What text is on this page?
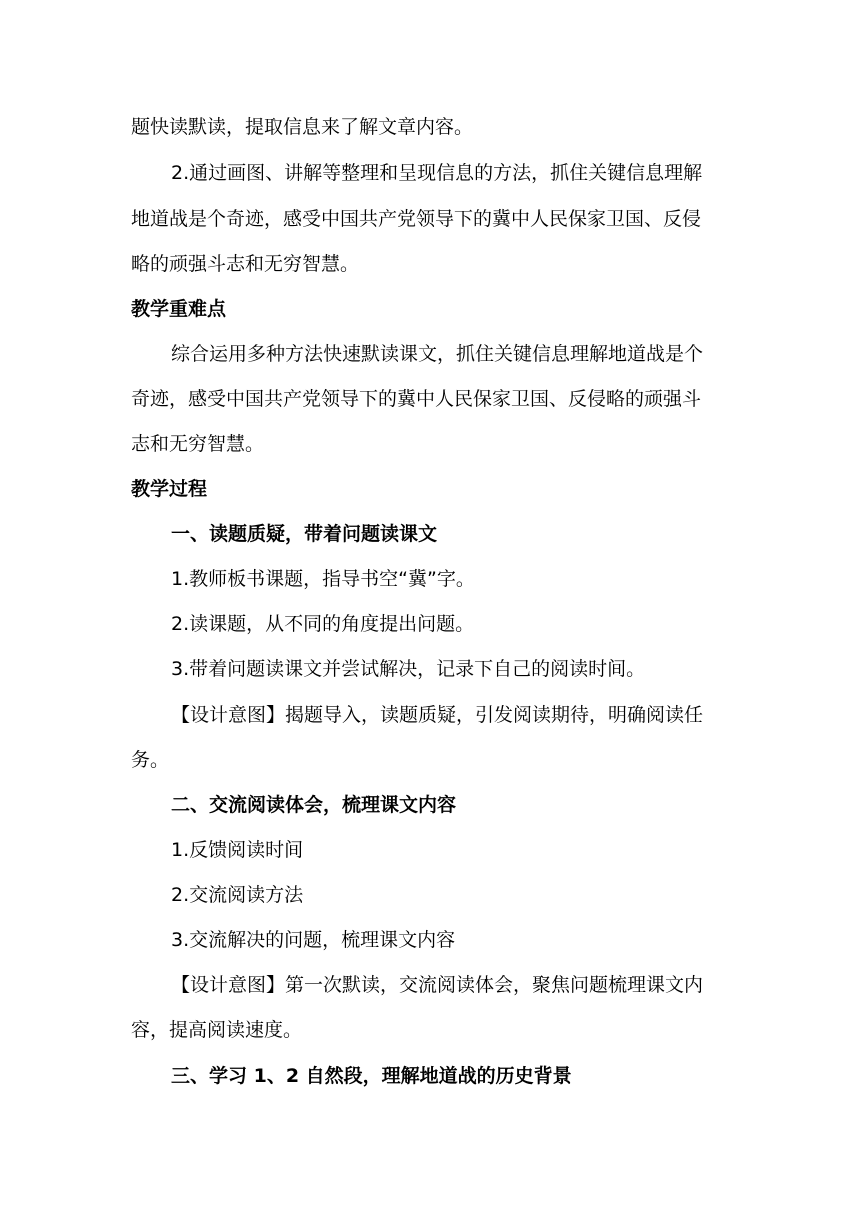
题快读默读，提取信息来了解文章内容。
2.通过画图、讲解等整理和呈现信息的方法，抓住关键信息理解
地道战是个奇迹，感受中国共产党领导下的冀中人民保家卫国、反侵
略的顽强斗志和无穷智慧。
教学重难点
综合运用多种方法快速默读课文，抓住关键信息理解地道战是个
奇迹，感受中国共产党领导下的冀中人民保家卫国、反侵略的顽强斗
志和无穷智慧。
教学过程
一、读题质疑，带着问题读课文
1.教师板书课题，指导书空“冀”字。
2.读课题，从不同的角度提出问题。
3.带着问题读课文并尝试解决，记录下自己的阅读时间。
【设计意图】揭题导入，读题质疑，引发阅读期待，明确阅读任
务。
二、交流阅读体会，梳理课文内容
1.反馈阅读时间
2.交流阅读方法
3.交流解决的问题，梳理课文内容
【设计意图】第一次默读，交流阅读体会，聚焦问题梳理课文内
容，提高阅读速度。
三、学习 1、2 自然段，理解地道战的历史背景
